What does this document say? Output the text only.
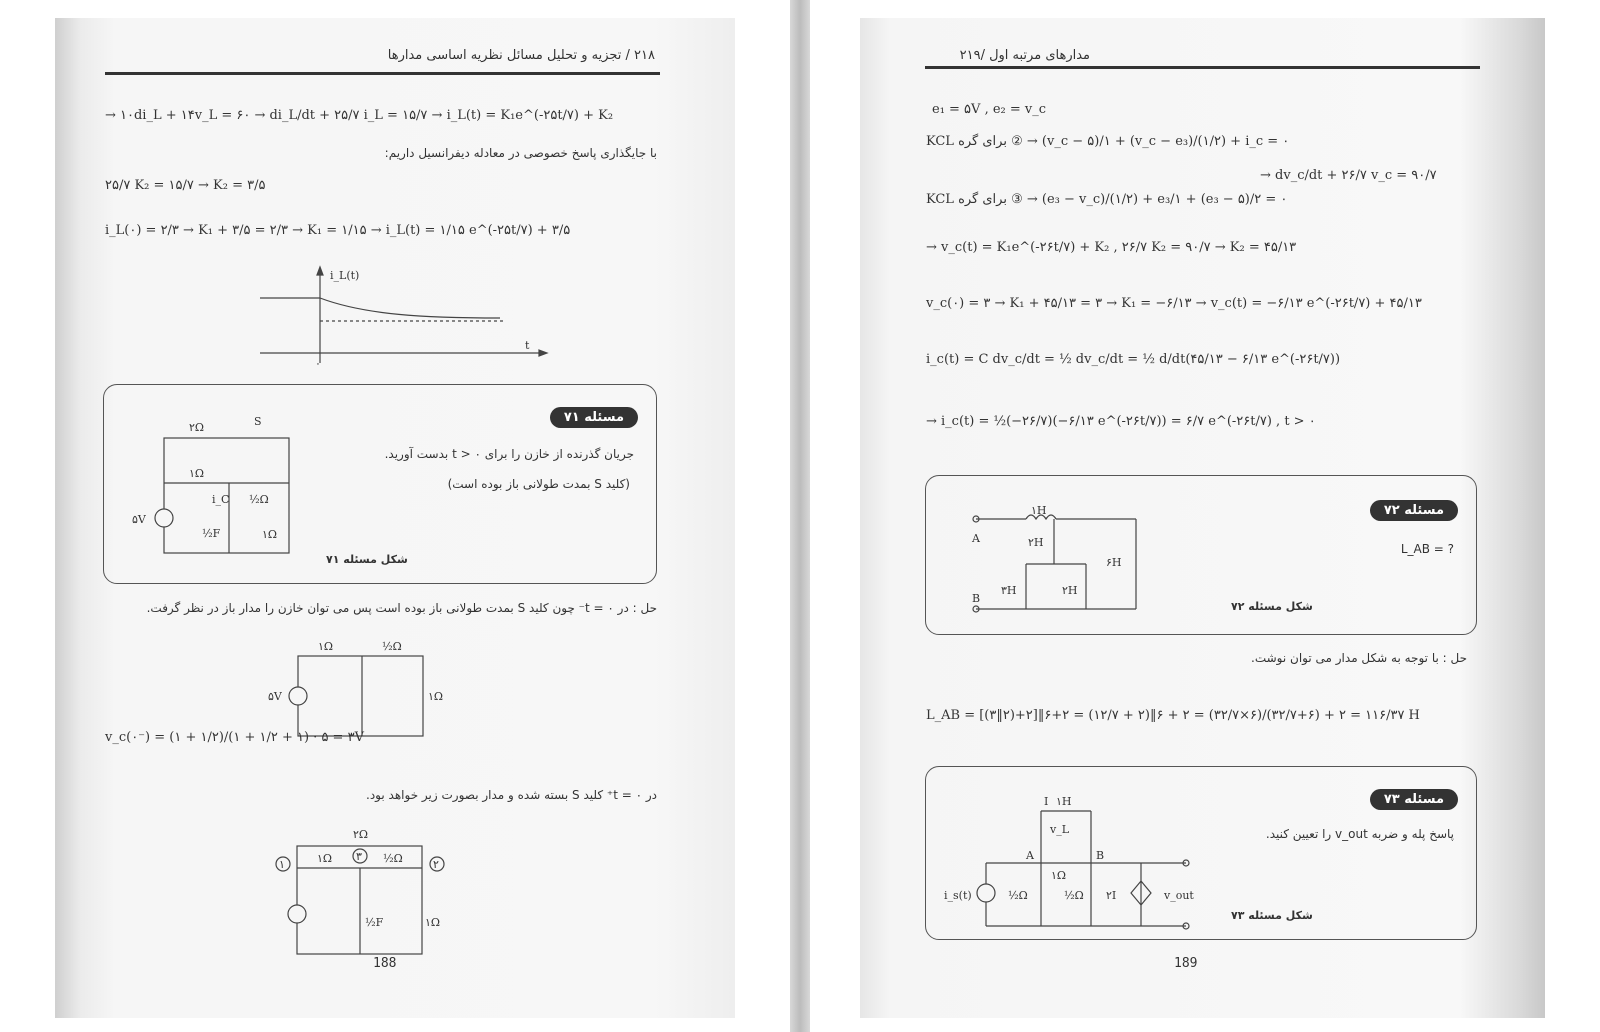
۲۱۸ / تجزیه و تحلیل مسائل نظریه اساسی مدارها
→ ۱۰di_L + ۱۴v_L = ۶۰ → di_L/dt + ۲۵/۷ i_L = ۱۵/۷ → i_L(t) = K₁e^(-۲۵t/۷) + K₂
با جایگذاری پاسخ خصوصی در معادله دیفرانسیل داریم:
۲۵/۷ K₂ = ۱۵/۷ → K₂ = ۳/۵
i_L(۰) = ۲/۳ → K₁ + ۳/۵ = ۲/۳ → K₁ = ۱/۱۵ → i_L(t) = ۱/۱۵ e^(-۲۵t/۷) + ۳/۵
i_L(t)
t
۰
مسئله ۷۱
جریان گذرنده از خازن را برای t > ۰ بدست آورید.
(کلید S بمدت طولانی باز بوده است)
۵V
۲Ω
۱Ω
S
½Ω
½F	۱Ω
i_C
شکل مسئله ۷۱
حل : در t = ۰⁻ چون کلید S بمدت طولانی باز بوده است پس می توان خازن را مدار باز در نظر گرفت.
۵V
۱Ω	½Ω
۱Ω
v_c(۰⁻) = (۱ + ۱/۲)/(۱ + ۱/۲ + ۱) · ۵ = ۳V
در t = ۰⁺ کلید S بسته شده و مدار بصورت زیر خواهد بود.
۱
۳
۲
۲Ω
۱Ω	½Ω
½F	۱Ω
188
مدارهای مرتبه اول /۲۱۹
e₁ = ۵V , e₂ = v_c
KCL برای گره ② → (v_c − ۵)/۱ + (v_c − e₃)/(۱/۲) + i_c = ۰
→ dv_c/dt + ۲۶/۷ v_c = ۹۰/۷
KCL برای گره ③ → (e₃ − v_c)/(۱/۲) + e₃/۱ + (e₃ − ۵)/۲ = ۰
→ v_c(t) = K₁e^(-۲۶t/۷) + K₂ , ۲۶/۷ K₂ = ۹۰/۷ → K₂ = ۴۵/۱۳
v_c(۰) = ۳ → K₁ + ۴۵/۱۳ = ۳ → K₁ = −۶/۱۳ → v_c(t) = −۶/۱۳ e^(-۲۶t/۷) + ۴۵/۱۳
i_c(t) = C dv_c/dt = ½ dv_c/dt = ½ d/dt(۴۵/۱۳ − ۶/۱۳ e^(-۲۶t/۷))
→ i_c(t) = ½(−۲۶/۷)(−۶/۱۳ e^(-۲۶t/۷)) = ۶/۷ e^(-۲۶t/۷) , t > ۰
مسئله ۷۲
L_AB = ?
A
B
۱H
۲H
۳H	۲H
۶H
شکل مسئله ۷۲
حل : با توجه به شکل مدار می توان نوشت.
L_AB = [(۳‖۲)+۲]‖۶+۲ = (۱۲/۷ + ۲)‖۶ + ۲ = (۳۲/۷×۶)/(۳۲/۷+۶) + ۲ = ۱۱۶/۳۷ H
مسئله ۷۳
پاسخ پله و ضربه v_out را تعیین کنید.
i_s(t)	½Ω	½Ω
۱Ω
۲I	v_out
A	B
I ۱H
v_L
شکل مسئله ۷۳
189
